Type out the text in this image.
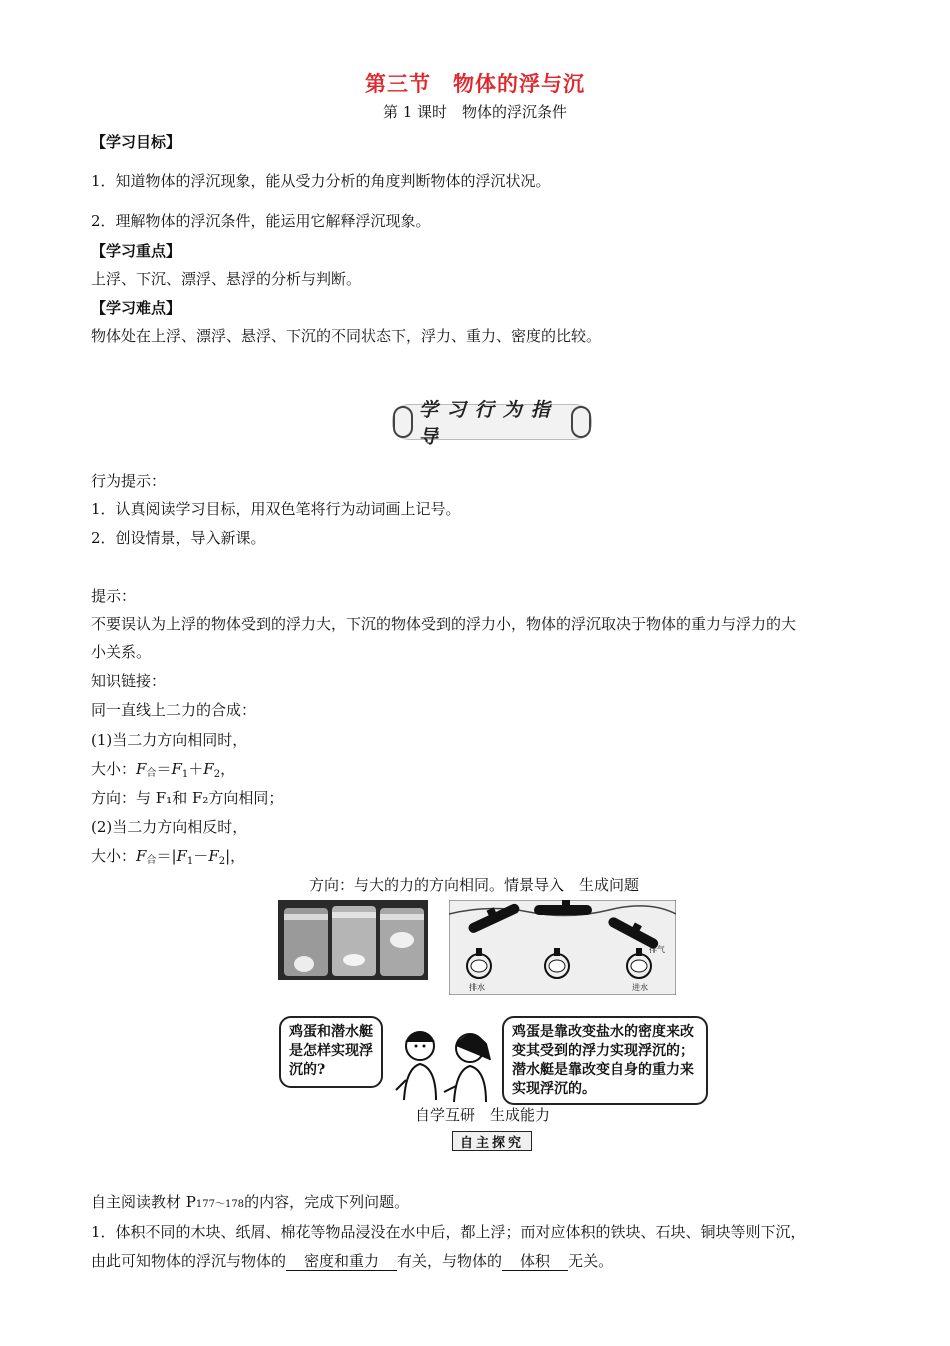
第三节　物体的浮与沉
第 1 课时　物体的浮沉条件
【学习目标】
1．知道物体的浮沉现象，能从受力分析的角度判断物体的浮沉状况。
2．理解物体的浮沉条件，能运用它解释浮沉现象。
【学习重点】
上浮、下沉、漂浮、悬浮的分析与判断。
【学习难点】
物体处在上浮、漂浮、悬浮、下沉的不同状态下，浮力、重力、密度的比较。
学习行为指导
行为提示：
1．认真阅读学习目标，用双色笔将行为动词画上记号。
2．创设情景，导入新课。
提示：
不要误认为上浮的物体受到的浮力大，下沉的物体受到的浮力小，物体的浮沉取决于物体的重力与浮力的大
小关系。
知识链接：
同一直线上二力的合成：
(1)当二力方向相同时，
大小：$F_合=F_1+F_2$，
方向：与 F₁和 F₂方向相同；
(2)当二力方向相反时，
大小：$F_合=|F_1-F_2|$，
方向：与大的力的方向相同。情景导入　生成问题
排水	进水
排气
鸡蛋和潜水艇是怎样实现浮沉的?
鸡蛋是靠改变盐水的密度来改变其受到的浮力实现浮沉的；潜水艇是靠改变自身的重力来实现浮沉的。
自学互研　生成能力
自主探究
自主阅读教材 P177～178的内容，完成下列问题。
1．体积不同的木块、纸屑、棉花等物品浸没在水中后，都上浮；而对应体积的铁块、石块、铜块等则下沉，
由此可知物体的浮沉与物体的 密度和重力 有关，与物体的 体积 无关。
